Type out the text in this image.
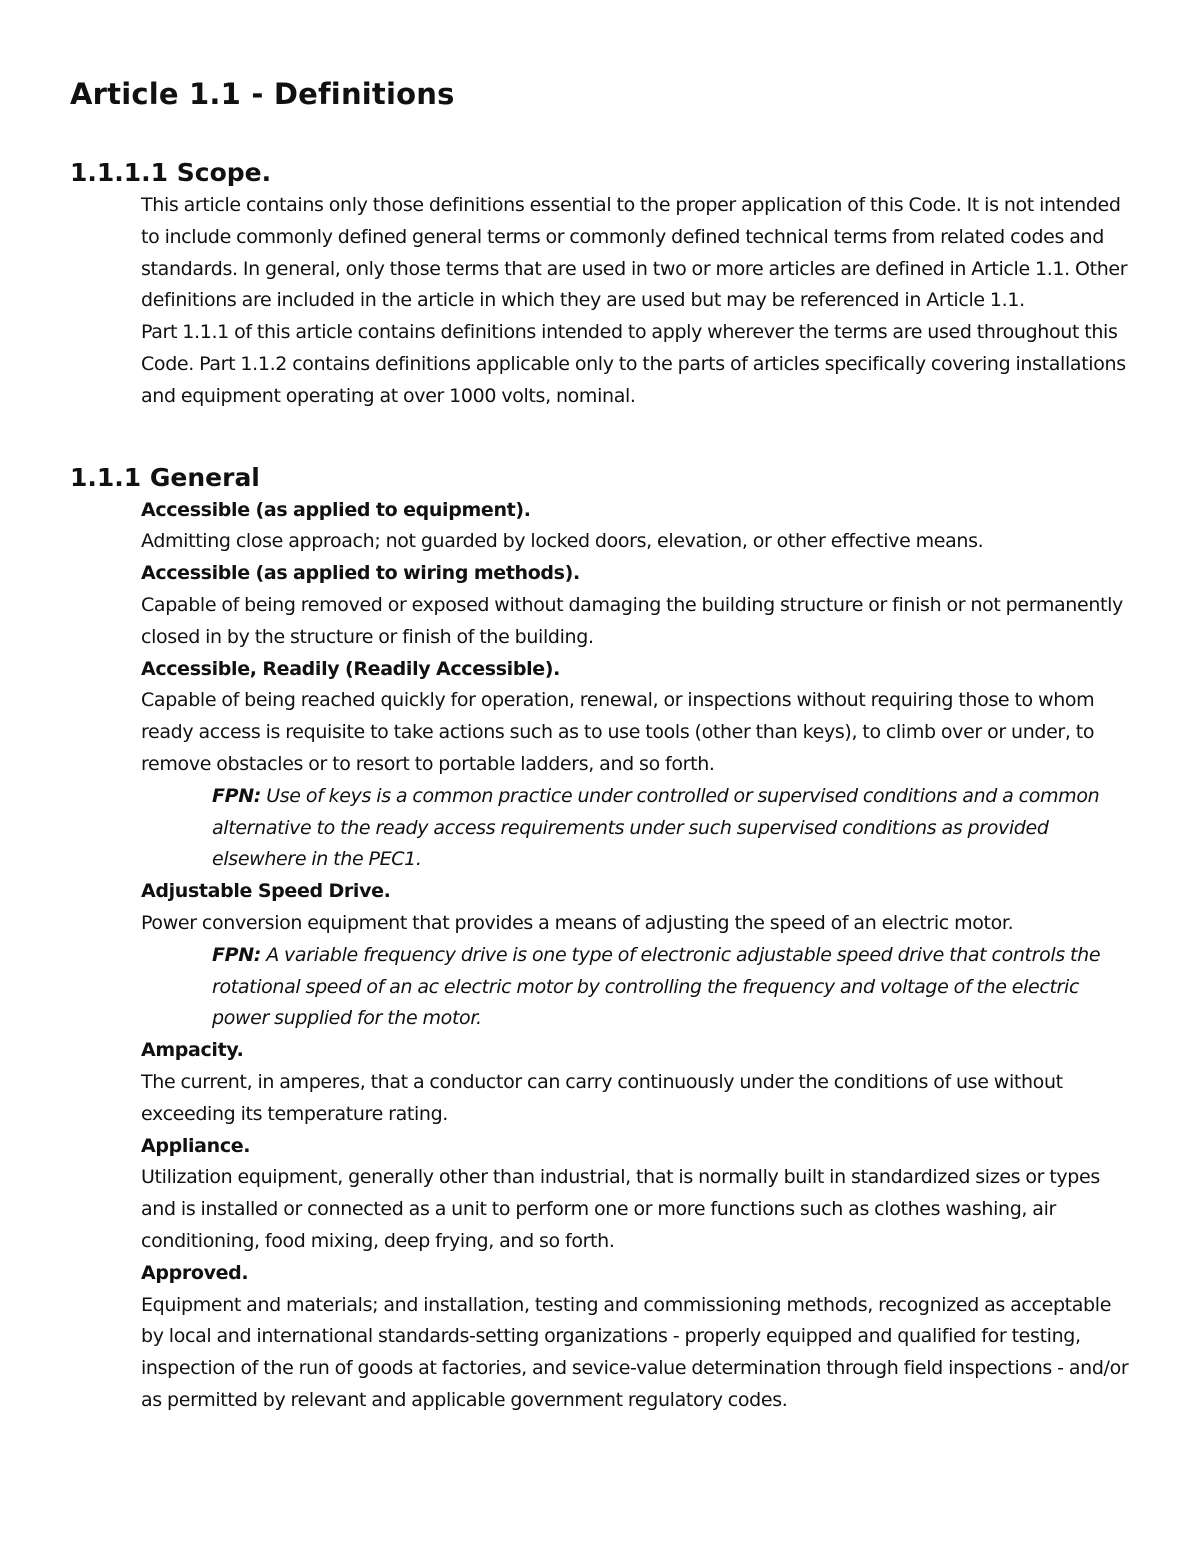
Article 1.1 - Definitions
1.1.1.1 Scope.

This article contains only those definitions essential to the proper application of this Code. It is not intended to include commonly defined general terms or commonly defined technical terms from related codes and standards. In general, only those terms that are used in two or more articles are defined in Article 1.1. Other definitions are included in the article in which they are used but may be referenced in Article 1.1.

Part 1.1.1 of this article contains definitions intended to apply wherever the terms are used throughout this Code. Part 1.1.2 contains definitions applicable only to the parts of articles specifically covering installations and equipment operating at over 1000 volts, nominal.

1.1.1 General

Accessible (as applied to equipment).

Admitting close approach; not guarded by locked doors, elevation, or other effective means.

Accessible (as applied to wiring methods).

Capable of being removed or exposed without damaging the building structure or finish or not permanently closed in by the structure or finish of the building.

Accessible, Readily (Readily Accessible).

Capable of being reached quickly for operation, renewal, or inspections without requiring those to whom ready access is requisite to take actions such as to use tools (other than keys), to climb over or under, to remove obstacles or to resort to portable ladders, and so forth.

FPN: Use of keys is a common practice under controlled or supervised conditions and a common alternative to the ready access requirements under such supervised conditions as provided elsewhere in the PEC1.

Adjustable Speed Drive.

Power conversion equipment that provides a means of adjusting the speed of an electric motor.

FPN: A variable frequency drive is one type of electronic adjustable speed drive that controls the rotational speed of an ac electric motor by controlling the frequency and voltage of the electric power supplied for the motor.

Ampacity.

The current, in amperes, that a conductor can carry continuously under the conditions of use without exceeding its temperature rating.

Appliance.

Utilization equipment, generally other than industrial, that is normally built in standardized sizes or types and is installed or connected as a unit to perform one or more functions such as clothes washing, air conditioning, food mixing, deep frying, and so forth.

Approved.

Equipment and materials; and installation, testing and commissioning methods, recognized as acceptable by local and international standards-setting organizations - properly equipped and qualified for testing, inspection of the run of goods at factories, and sevice-value determination through field inspections - and/or as permitted by relevant and applicable government regulatory codes.
